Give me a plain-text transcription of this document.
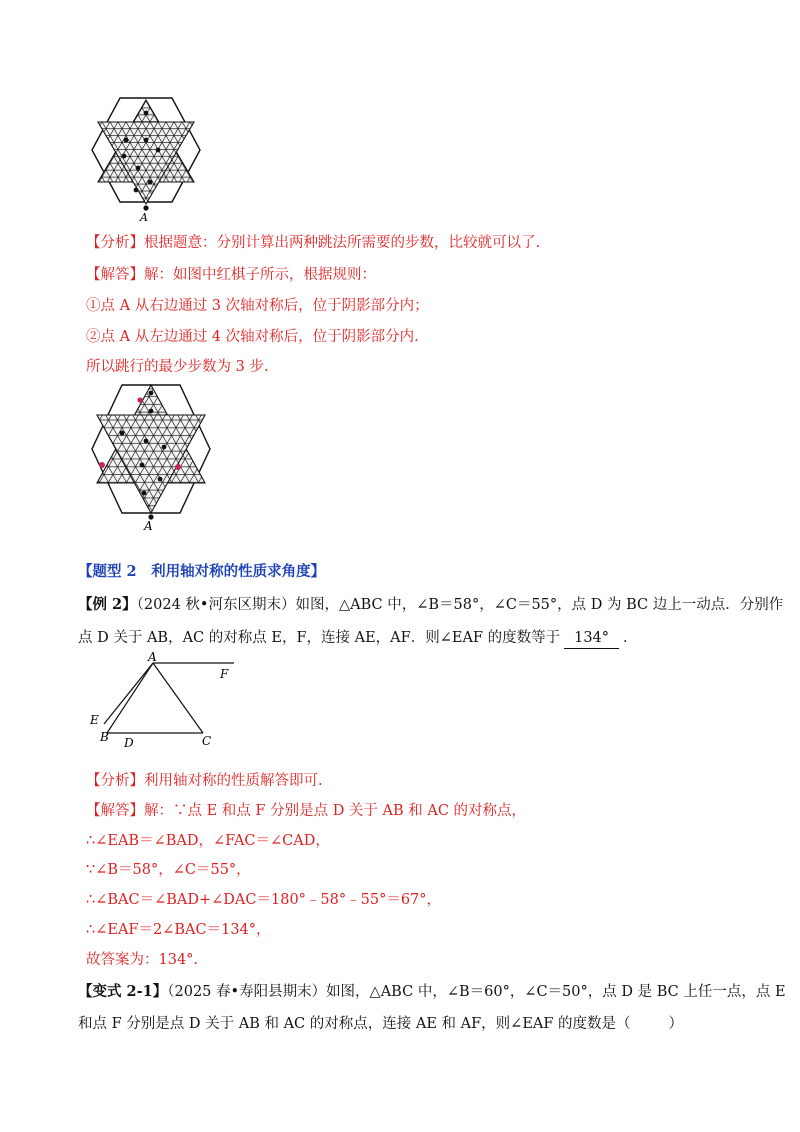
A
【分析】根据题意：分别计算出两种跳法所需要的步数，比较就可以了.
【解答】解：如图中红棋子所示，根据规则：
①点 A 从右边通过 3 次轴对称后，位于阴影部分内；
②点 A 从左边通过 4 次轴对称后，位于阴影部分内.
所以跳行的最少步数为 3 步.
A
【题型 2　利用轴对称的性质求角度】
【例 2】（2024 秋•河东区期末）如图，△ABC 中，∠B＝58°，∠C＝55°，点 D 为 BC 边上一动点．分别作
点 D 关于 AB，AC 的对称点 E，F，连接 AE，AF．则∠EAF 的度数等于 134° ．
A
F
E
B D	C
【分析】利用轴对称的性质解答即可.
【解答】解：∵点 E 和点 F 分别是点 D 关于 AB 和 AC 的对称点，
∴∠EAB＝∠BAD，∠FAC＝∠CAD，
∵∠B＝58°，∠C＝55°，
∴∠BAC＝∠BAD+∠DAC＝180°﹣58°﹣55°＝67°，
∴∠EAF＝2∠BAC＝134°，
故答案为：134°.
【变式 2-1】（2025 春•寿阳县期末）如图，△ABC 中，∠B＝60°，∠C＝50°，点 D 是 BC 上任一点，点 E
和点 F 分别是点 D 关于 AB 和 AC 的对称点，连接 AE 和 AF，则∠EAF 的度数是（	）
